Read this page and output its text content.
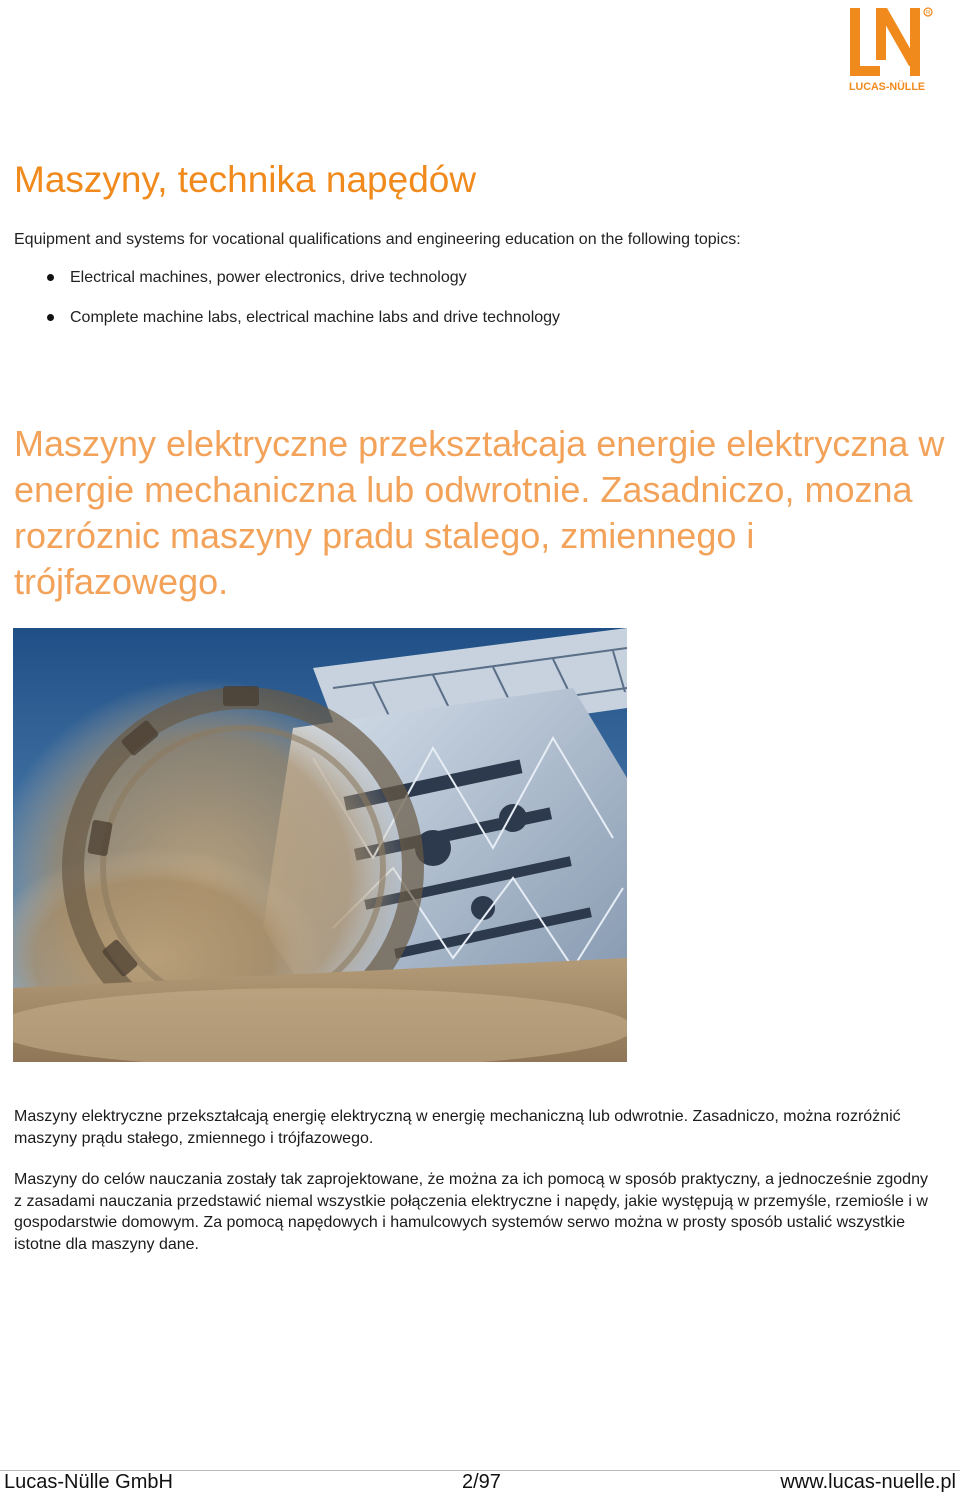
R
LUCAS-NÜLLE
Maszyny, technika napędów
Equipment and systems for vocational qualifications and engineering education on the following topics:
Electrical machines, power electronics, drive technology
Complete machine labs, electrical machine labs and drive technology
Maszyny elektryczne przekształcaja energie elektryczna w energie mechaniczna lub odwrotnie. Zasadniczo, mozna rozróznic maszyny pradu stalego, zmiennego i trójfazowego.

Maszyny elektryczne przekształcają energię elektryczną w energię mechaniczną lub odwrotnie. Zasadniczo, można rozróżnić maszyny prądu stałego, zmiennego i trójfazowego.

Maszyny do celów nauczania zostały tak zaprojektowane, że można za ich pomocą w sposób praktyczny, a jednocześnie zgodny z zasadami nauczania przedstawić niemal wszystkie połączenia elektryczne i napędy, jakie występują w przemyśle, rzemiośle i w gospodarstwie domowym. Za pomocą napędowych i hamulcowych systemów serwo można w prosty sposób ustalić wszystkie istotne dla maszyny dane.

Lucas-Nülle GmbH	2/97	www.lucas-nuelle.pl
